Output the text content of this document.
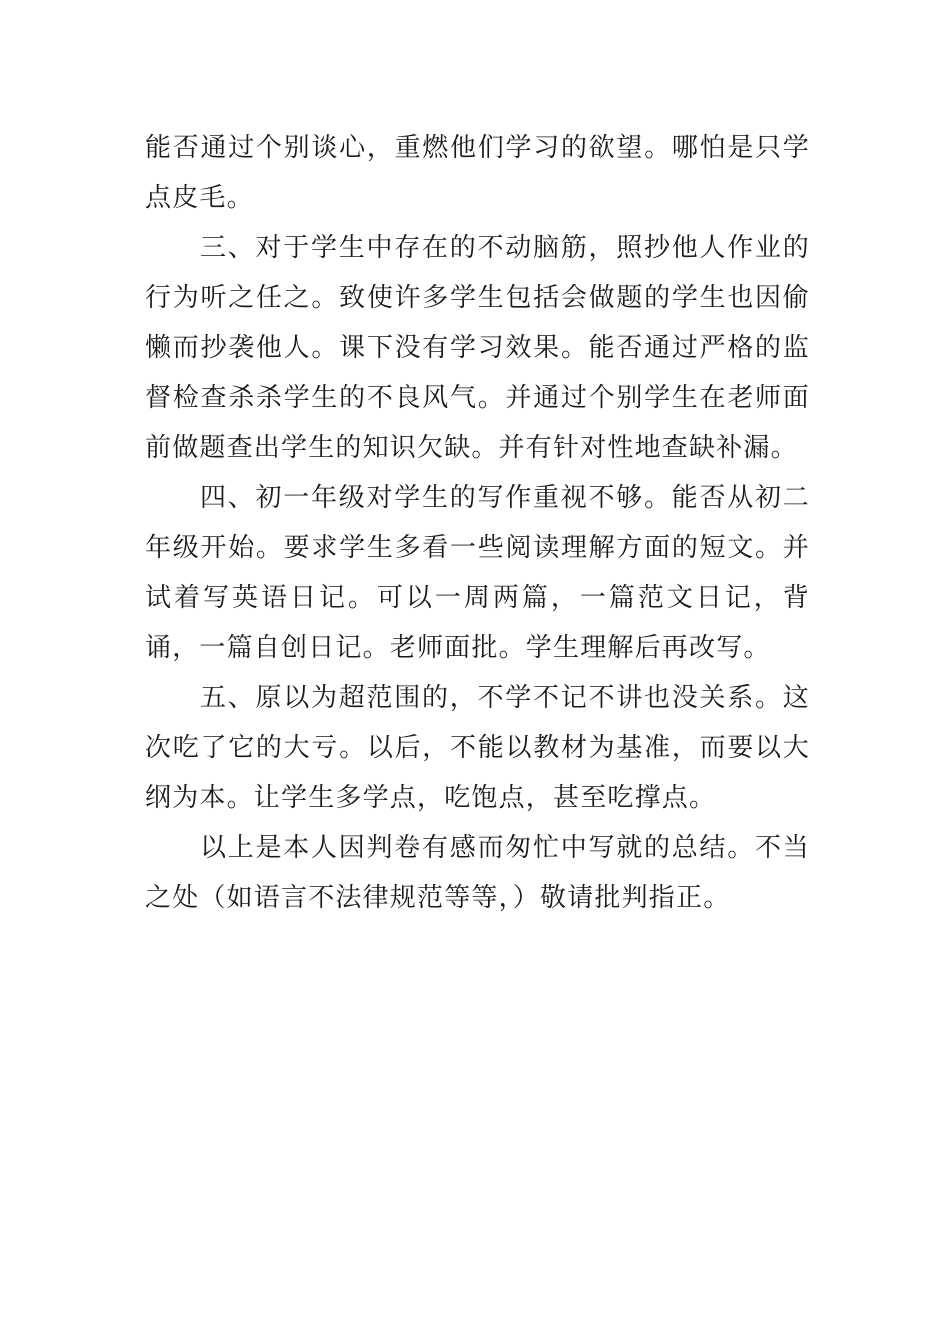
能否通过个别谈心，重燃他们学习的欲望。哪怕是只学点皮毛。

三、对于学生中存在的不动脑筋，照抄他人作业的行为听之任之。致使许多学生包括会做题的学生也因偷懒而抄袭他人。课下没有学习效果。能否通过严格的监督检查杀杀学生的不良风气。并通过个别学生在老师面前做题查出学生的知识欠缺。并有针对性地查缺补漏。

四、初一年级对学生的写作重视不够。能否从初二年级开始。要求学生多看一些阅读理解方面的短文。并试着写英语日记。可以一周两篇，一篇范文日记，背诵，一篇自创日记。老师面批。学生理解后再改写。

五、原以为超范围的，不学不记不讲也没关系。这次吃了它的大亏。以后，不能以教材为基准，而要以大纲为本。让学生多学点，吃饱点，甚至吃撑点。

以上是本人因判卷有感而匆忙中写就的总结。不当之处（如语言不法律规范等等，）敬请批判指正。
